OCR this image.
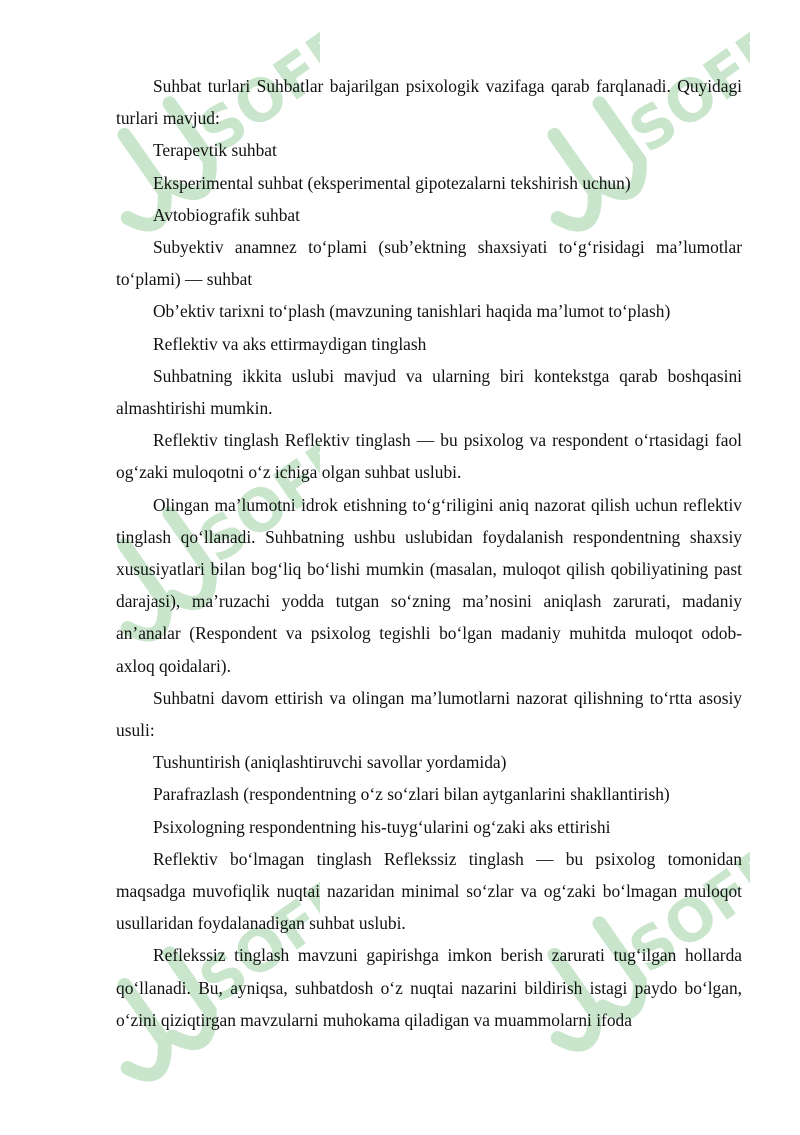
SOFF	SOFF
SOFF
SOFF
SOFF

Suhbat turlari Suhbatlar bajarilgan psixologik vazifaga qarab farqlanadi. Quyidagi turlari mavjud:

Terapevtik suhbat

Eksperimental suhbat (eksperimental gipotezalarni tekshirish uchun)

Avtobiografik suhbat

Subyektiv anamnez to‘plami (sub’ektning shaxsiyati to‘g‘risidagi ma’lumotlar to‘plami) — suhbat

Ob’ektiv tarixni to‘plash (mavzuning tanishlari haqida ma’lumot to‘plash)

Reflektiv va aks ettirmaydigan tinglash

Suhbatning ikkita uslubi mavjud va ularning biri kontekstga qarab boshqasini almashtirishi mumkin.

Reflektiv tinglash Reflektiv tinglash — bu psixolog va respondent o‘rtasidagi faol og‘zaki muloqotni o‘z ichiga olgan suhbat uslubi.

Olingan ma’lumotni idrok etishning to‘g‘riligini aniq nazorat qilish uchun reflektiv tinglash qo‘llanadi. Suhbatning ushbu uslubidan foydalanish respondentning shaxsiy xususiyatlari bilan bog‘liq bo‘lishi mumkin (masalan, muloqot qilish qobiliyatining past darajasi), ma’ruzachi yodda tutgan so‘zning ma’nosini aniqlash zarurati, madaniy an’analar (Respondent va psixolog tegishli bo‘lgan madaniy muhitda muloqot odob-axloq qoidalari).

Suhbatni davom ettirish va olingan ma’lumotlarni nazorat qilishning to‘rtta asosiy usuli:

Tushuntirish (aniqlashtiruvchi savollar yordamida)

Parafrazlash (respondentning o‘z so‘zlari bilan aytganlarini shakllantirish)

Psixologning respondentning his-tuyg‘ularini og‘zaki aks ettirishi

Reflektiv bo‘lmagan tinglash Reflekssiz tinglash — bu psixolog tomonidan maqsadga muvofiqlik nuqtai nazaridan minimal so‘zlar va og‘zaki bo‘lmagan muloqot usullaridan foydalanadigan suhbat uslubi.

Reflekssiz tinglash mavzuni gapirishga imkon berish zarurati tug‘ilgan hollarda qo‘llanadi. Bu, ayniqsa, suhbatdosh o‘z nuqtai nazarini bildirish istagi paydo bo‘lgan, o‘zini qiziqtirgan mavzularni muhokama qiladigan va muammolarni ifoda
